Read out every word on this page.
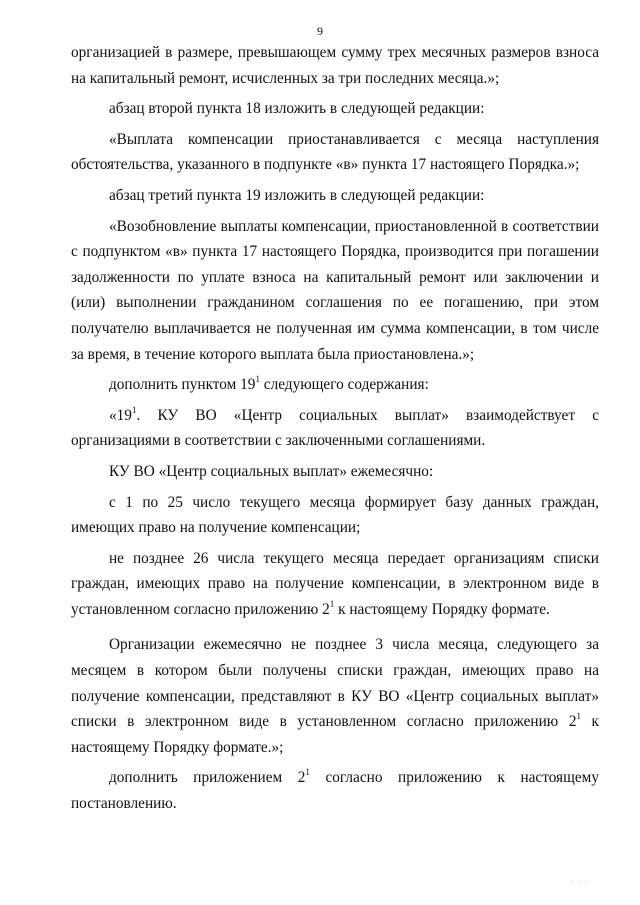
9

организацией в размере, превышающем сумму трех месячных размеров взноса на капитальный ремонт, исчисленных за три последних месяца.»;

абзац второй пункта 18 изложить в следующей редакции:

«Выплата компенсации приостанавливается с месяца наступления обстоятельства, указанного в подпункте «в» пункта 17 настоящего Порядка.»;

абзац третий пункта 19 изложить в следующей редакции:

«Возобновление выплаты компенсации, приостановленной в соответствии с подпунктом «в» пункта 17 настоящего Порядка, производится при погашении задолженности по уплате взноса на капитальный ремонт или заключении и (или) выполнении гражданином соглашения по ее погашению, при этом получателю выплачивается не полученная им сумма компенсации, в том числе за время, в течение которого выплата была приостановлена.»;

дополнить пунктом $19^1$ следующего содержания:

«$19^1$. КУ ВО «Центр социальных выплат» взаимодействует с организациями в соответствии с заключенными соглашениями.

КУ ВО «Центр социальных выплат» ежемесячно:

с 1 по 25 число текущего месяца формирует базу данных граждан, имеющих право на получение компенсации;

не позднее 26 числа текущего месяца передает организациям списки граждан, имеющих право на получение компенсации, в электронном виде в установленном согласно приложению $2^1$ к настоящему Порядку формате.

Организации ежемесячно не позднее 3 числа месяца, следующего за месяцем в котором были получены списки граждан, имеющих право на получение компенсации, представляют в КУ ВО «Центр социальных выплат» списки в электронном виде в установленном согласно приложению $2^1$ к настоящему Порядку формате.»;

дополнить приложением $2^1$ согласно приложению к настоящему постановлению.

· · ·
